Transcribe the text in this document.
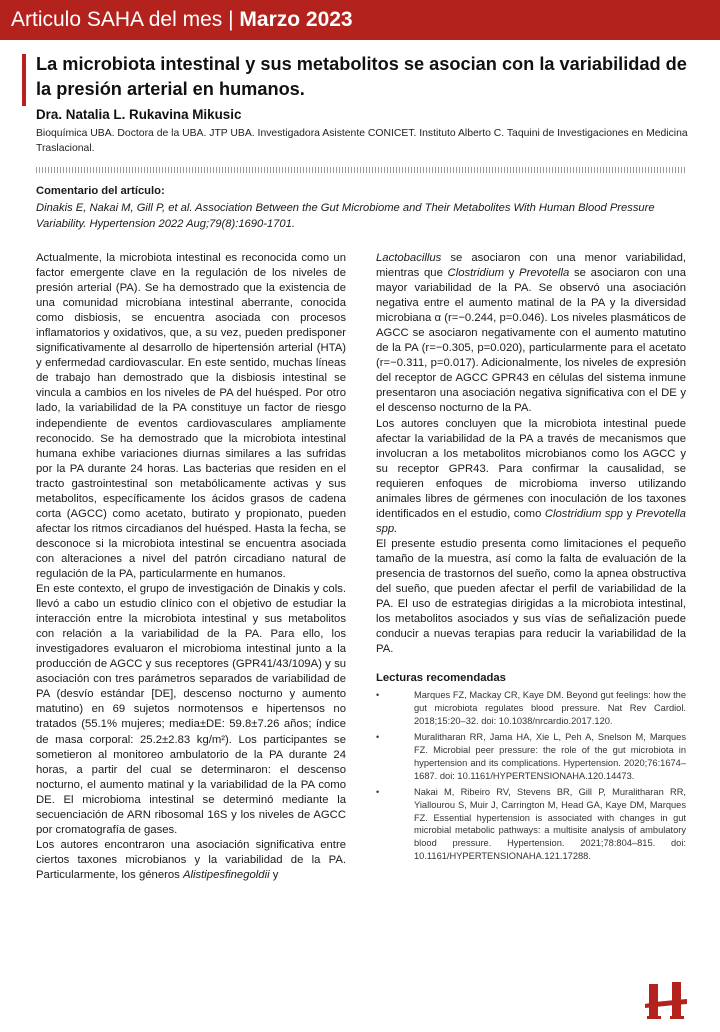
Articulo SAHA del mes | Marzo 2023
La microbiota intestinal y sus metabolitos se asocian con la variabilidad de la presión arterial en humanos.

Dra. Natalia L. Rukavina Mikusic

Bioquímica UBA. Doctora de la UBA. JTP UBA. Investigadora Asistente CONICET. Instituto Alberto C. Taquini de Investigaciones en Medicina Traslacional.

Comentario del artículo:

Dinakis E, Nakai M, Gill P, et al. Association Between the Gut Microbiome and Their Metabolites With Human Blood Pressure Variability. Hypertension 2022 Aug;79(8):1690-1701.

Actualmente, la microbiota intestinal es reconocida como un factor emergente clave en la regulación de los niveles de presión arterial (PA). Se ha demostrado que la existencia de una comunidad microbiana intestinal aberrante, conocida como disbiosis, se encuentra asociada con procesos inflamatorios y oxidativos, que, a su vez, pueden predisponer significativamente al desarrollo de hipertensión arterial (HTA) y enfermedad cardiovascular. En este sentido, muchas líneas de trabajo han demostrado que la disbiosis intestinal se vincula a cambios en los niveles de PA del huésped. Por otro lado, la variabilidad de la PA constituye un factor de riesgo independiente de eventos cardiovasculares ampliamente reconocido. Se ha demostrado que la microbiota intestinal humana exhibe variaciones diurnas similares a las sufridas por la PA durante 24 horas. Las bacterias que residen en el tracto gastrointestinal son metabólicamente activas y sus metabolitos, específicamente los ácidos grasos de cadena corta (AGCC) como acetato, butirato y propionato, pueden afectar los ritmos circadianos del huésped. Hasta la fecha, se desconoce si la microbiota intestinal se encuentra asociada con alteraciones a nivel del patrón circadiano natural de regulación de la PA, particularmente en humanos.

En este contexto, el grupo de investigación de Dinakis y cols. llevó a cabo un estudio clínico con el objetivo de estudiar la interacción entre la microbiota intestinal y sus metabolitos con relación a la variabilidad de la PA. Para ello, los investigadores evaluaron el microbioma intestinal junto a la producción de AGCC y sus receptores (GPR41/43/109A) y su asociación con tres parámetros separados de variabilidad de PA (desvío estándar [DE], descenso nocturno y aumento matutino) en 69 sujetos normotensos e hipertensos no tratados (55.1% mujeres; media±DE: 59.8±7.26 años; índice de masa corporal: 25.2±2.83 kg/m²). Los participantes se sometieron al monitoreo ambulatorio de la PA durante 24 horas, a partir del cual se determinaron: el descenso nocturno, el aumento matinal y la variabilidad de la PA como DE. El microbioma intestinal se determinó mediante la secuenciación de ARN ribosomal 16S y los niveles de AGCC por cromatografía de gases.

Los autores encontraron una asociación significativa entre ciertos taxones microbianos y la variabilidad de la PA. Particularmente, los géneros Alistipesfinegoldii y

Lactobacillus se asociaron con una menor variabilidad, mientras que Clostridium y Prevotella se asociaron con una mayor variabilidad de la PA. Se observó una asociación negativa entre el aumento matinal de la PA y la diversidad microbiana α (r=−0.244, p=0.046). Los niveles plasmáticos de AGCC se asociaron negativamente con el aumento matutino de la PA (r=−0.305, p=0.020), particularmente para el acetato (r=−0.311, p=0.017). Adicionalmente, los niveles de expresión del receptor de AGCC GPR43 en células del sistema inmune presentaron una asociación negativa significativa con el DE y el descenso nocturno de la PA.

Los autores concluyen que la microbiota intestinal puede afectar la variabilidad de la PA a través de mecanismos que involucran a los metabolitos microbianos como los AGCC y su receptor GPR43. Para confirmar la causalidad, se requieren enfoques de microbioma inverso utilizando animales libres de gérmenes con inoculación de los taxones identificados en el estudio, como Clostridium spp y Prevotella spp.

El presente estudio presenta como limitaciones el pequeño tamaño de la muestra, así como la falta de evaluación de la presencia de trastornos del sueño, como la apnea obstructiva del sueño, que pueden afectar el perfil de variabilidad de la PA. El uso de estrategias dirigidas a la microbiota intestinal, los metabolitos asociados y sus vías de señalización puede conducir a nuevas terapias para reducir la variabilidad de la PA.

Lecturas recomendadas

•	Marques FZ, Mackay CR, Kaye DM. Beyond gut feelings: how the gut microbiota regulates blood pressure. Nat Rev Cardiol. 2018;15:20–32. doi: 10.1038/nrcardio.2017.120.
•	Muralitharan RR, Jama HA, Xie L, Peh A, Snelson M, Marques FZ. Microbial peer pressure: the role of the gut microbiota in hypertension and its complications. Hypertension. 2020;76:1674–1687. doi: 10.1161/HYPERTENSIONAHA.120.14473.
•	Nakai M, Ribeiro RV, Stevens BR, Gill P, Muralitharan RR, Yiallourou S, Muir J, Carrington M, Head GA, Kaye DM, Marques FZ. Essential hypertension is associated with changes in gut microbial metabolic pathways: a multisite analysis of ambulatory blood pressure. Hypertension. 2021;78:804–815. doi: 10.1161/HYPERTENSIONAHA.121.17288.
